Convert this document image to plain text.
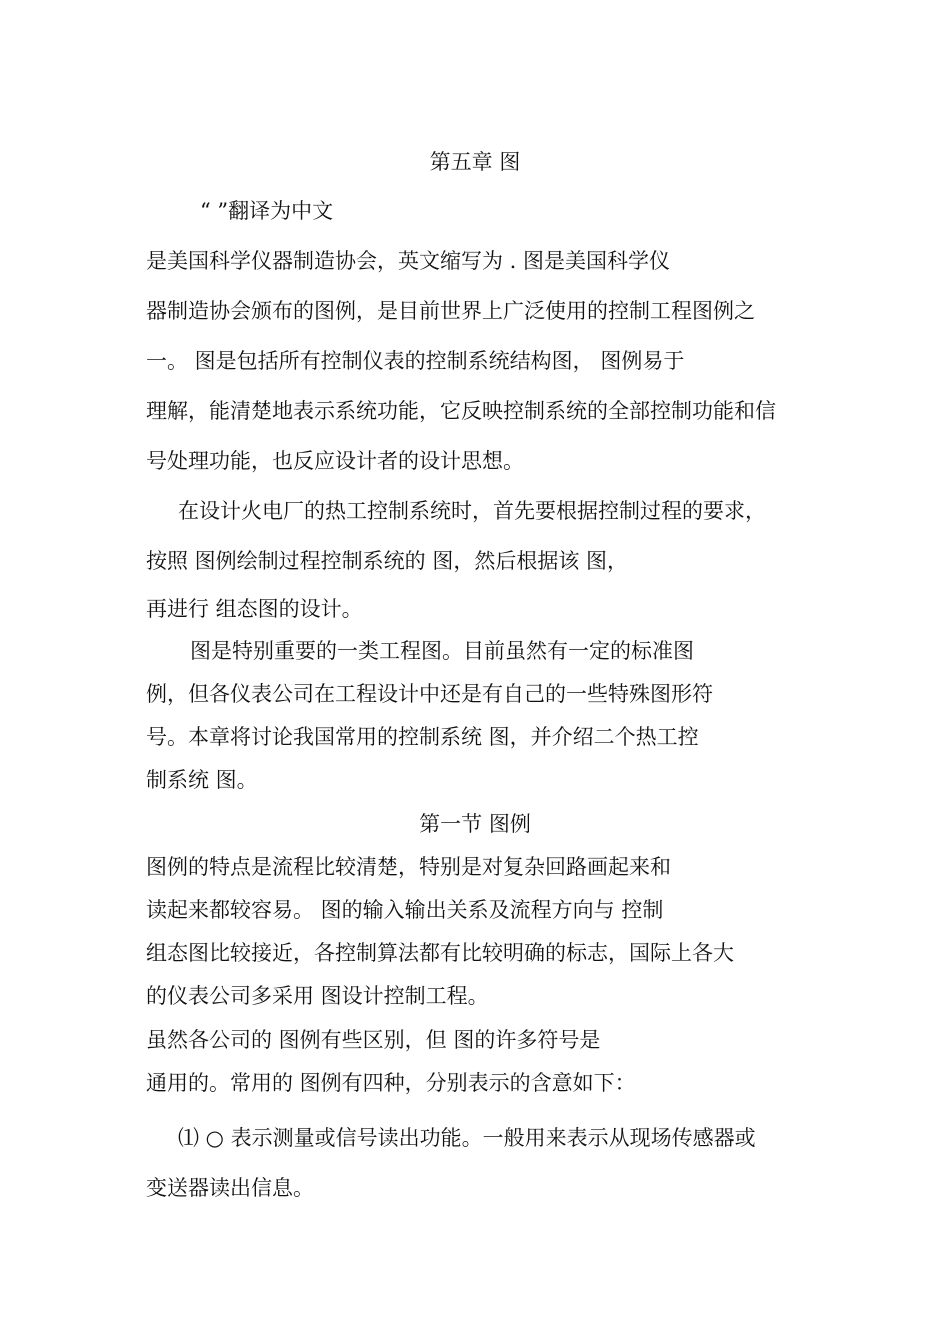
第五章 图
“ ”翻译为中文
是美国科学仪器制造协会，英文缩写为 . 图是美国科学仪
器制造协会颁布的图例，是目前世界上广泛使用的控制工程图例之
一。 图是包括所有控制仪表的控制系统结构图， 图例易于
理解，能清楚地表示系统功能，它反映控制系统的全部控制功能和信
号处理功能，也反应设计者的设计思想。
在设计火电厂的热工控制系统时，首先要根据控制过程的要求，
按照 图例绘制过程控制系统的 图，然后根据该 图，
再进行 组态图的设计。
图是特别重要的一类工程图。目前虽然有一定的标准图
例，但各仪表公司在工程设计中还是有自己的一些特殊图形符
号。本章将讨论我国常用的控制系统 图，并介绍二个热工控
制系统 图。
第一节 图例
图例的特点是流程比较清楚，特别是对复杂回路画起来和
读起来都较容易。 图的输入输出关系及流程方向与 控制
组态图比较接近，各控制算法都有比较明确的标志，国际上各大
的仪表公司多采用 图设计控制工程。
虽然各公司的 图例有些区别，但 图的许多符号是
通用的。常用的 图例有四种，分别表示的含意如下：
⑴ ○ 表示测量或信号读出功能。一般用来表示从现场传感器或
变送器读出信息。
